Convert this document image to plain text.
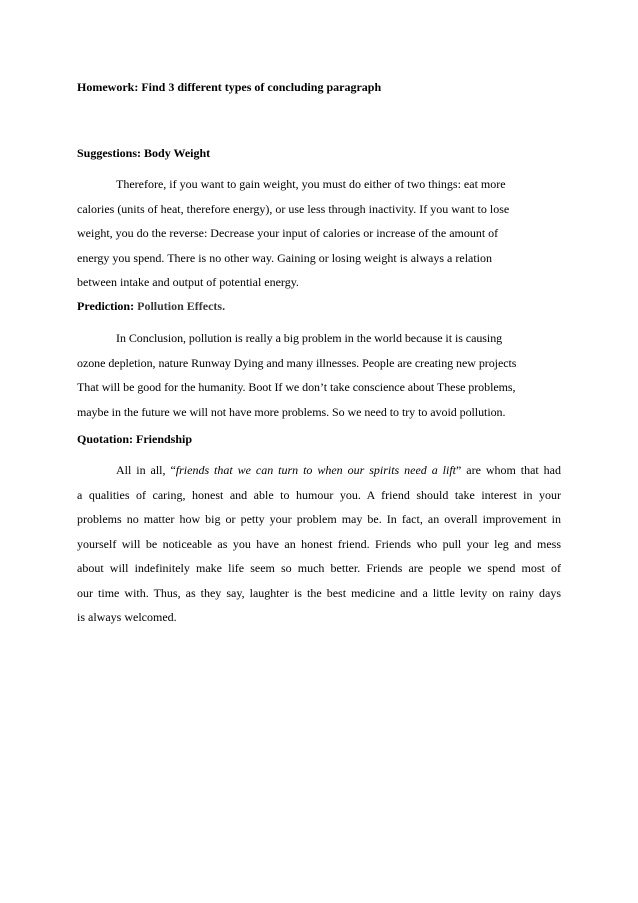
Homework: Find 3 different types of concluding paragraph
Suggestions: Body Weight
Therefore, if you want to gain weight, you must do either of two things: eat more
calories (units of heat, therefore energy), or use less through inactivity. If you want to lose
weight, you do the reverse: Decrease your input of calories or increase of the amount of
energy you spend. There is no other way. Gaining or losing weight is always a relation
between intake and output of potential energy.
Prediction: Pollution Effects.
In Conclusion, pollution is really a big problem in the world because it is causing
ozone depletion, nature Runway Dying and many illnesses. People are creating new projects
That will be good for the humanity. Boot If we don’t take conscience about These problems,
maybe in the future we will not have more problems. So we need to try to avoid pollution.
Quotation: Friendship
All in all, “friends that we can turn to when our spirits need a lift” are whom that had
a qualities of caring, honest and able to humour you. A friend should take interest in your
problems no matter how big or petty your problem may be. In fact, an overall improvement in
yourself will be noticeable as you have an honest friend. Friends who pull your leg and mess
about will indefinitely make life seem so much better. Friends are people we spend most of
our time with. Thus, as they say, laughter is the best medicine and a little levity on rainy days
is always welcomed.
